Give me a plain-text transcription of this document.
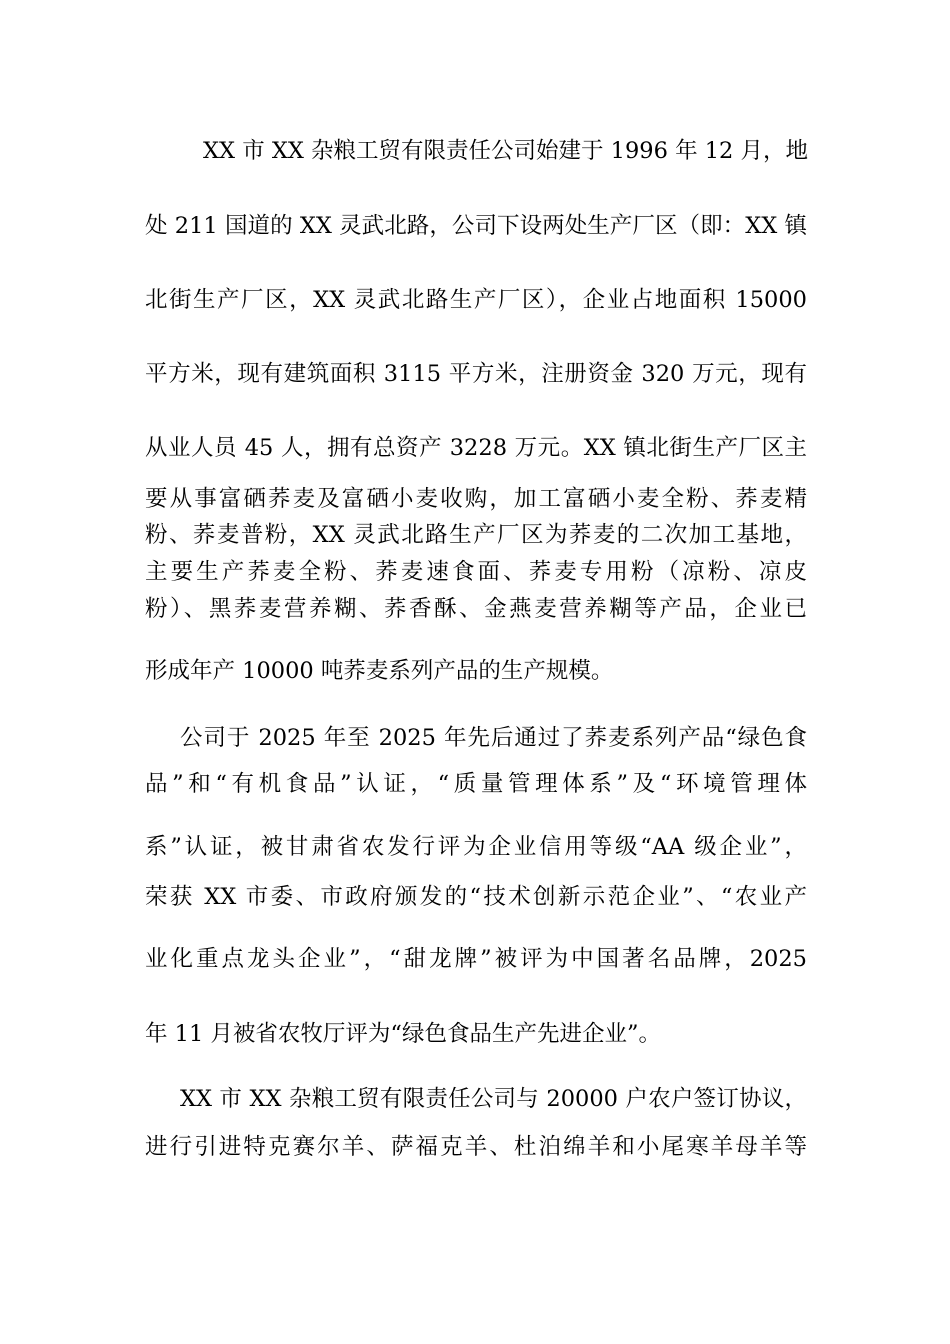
XX 市 XX 杂粮工贸有限责任公司始建于 1996 年 12 月，地
处 211 国道的 XX 灵武北路，公司下设两处生产厂区（即：XX 镇
北街生产厂区，XX 灵武北路生产厂区），企业占地面积 15000
平方米，现有建筑面积 3115 平方米，注册资金 320 万元，现有
从业人员 45 人，拥有总资产 3228 万元。XX 镇北街生产厂区主
要从事富硒荞麦及富硒小麦收购，加工富硒小麦全粉、荞麦精
粉、荞麦普粉，XX 灵武北路生产厂区为荞麦的二次加工基地，
主要生产荞麦全粉、荞麦速食面、荞麦专用粉（凉粉、凉皮
粉）、黑荞麦营养糊、荞香酥、金燕麦营养糊等产品，企业已
形成年产 10000 吨荞麦系列产品的生产规模。
公司于 2025 年至 2025 年先后通过了荞麦系列产品“绿色食
品”和“有机食品”认证，“质量管理体系”及“环境管理体
系”认证，被甘肃省农发行评为企业信用等级“AA 级企业”，
荣获 XX 市委、市政府颁发的“技术创新示范企业”、“农业产
业化重点龙头企业”，“甜龙牌”被评为中国著名品牌，2025
年 11 月被省农牧厅评为“绿色食品生产先进企业”。
XX 市 XX 杂粮工贸有限责任公司与 20000 户农户签订协议，
进行引进特克赛尔羊、萨福克羊、杜泊绵羊和小尾寒羊母羊等
